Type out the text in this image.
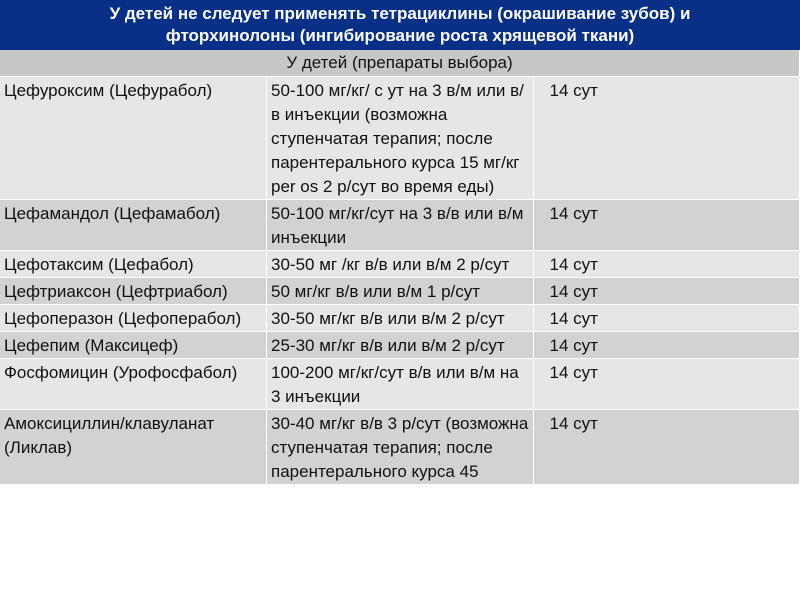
У детей не следует применять тетрациклины (окрашивание зубов) и
фторхинолоны (ингибирование роста хрящевой ткани)
У детей (препараты выбора)		
Цефуроксим (Цефурабол)	50-100 мг/кг/ с ут на 3 в/м или в/в инъекции (возможна ступенчатая терапия; после парентерального курса 15 мг/кг per os 2 р/сут во время еды)	14 сут
Цефамандол (Цефамабол)	50-100 мг/кг/сут на 3 в/в или в/м инъекции	14 сут
Цефотаксим (Цефабол)	30-50 мг /кг в/в или в/м 2 р/сут	14 сут
Цефтриаксон (Цефтриабол)	50 мг/кг в/в или в/м 1 р/сут	14 сут
Цефоперазон (Цефоперабол)	30-50 мг/кг в/в или в/м 2 р/сут	14 сут
Цефепим (Максицеф)	25-30 мг/кг в/в или в/м 2 р/сут	14 сут
Фосфомицин (Урофосфабол)	100-200 мг/кг/сут в/в или в/м на 3 инъекции	14 сут
Амоксициллин/клавуланат (Ликлав)	30-40 мг/кг в/в 3 р/сут (возможна ступенчатая терапия; после парентерального курса 45	14 сут
